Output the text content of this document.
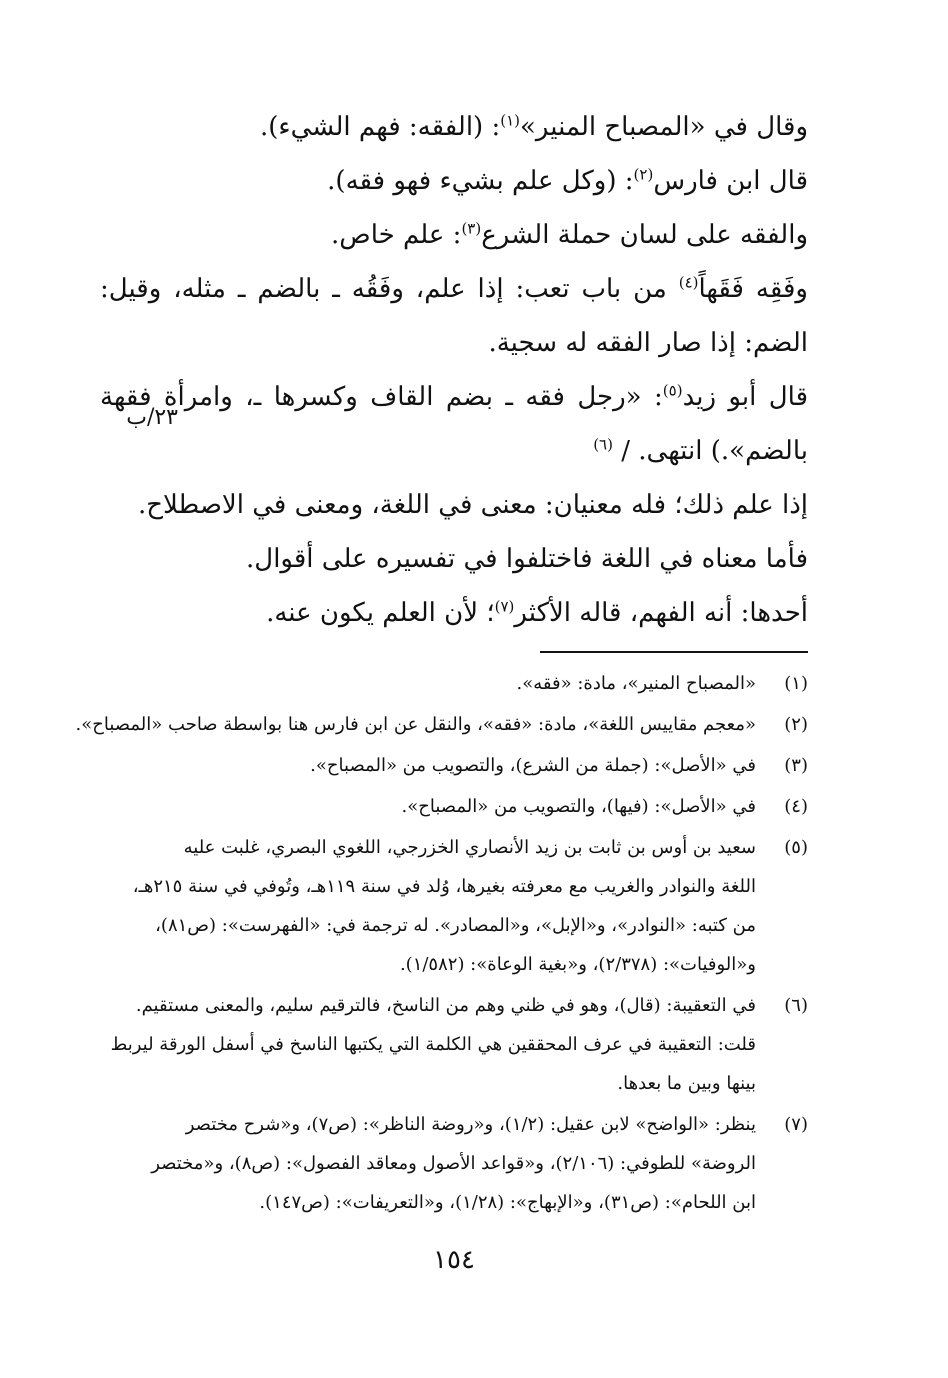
وقال في «المصباح المنير»$^{(١)}$: (الفقه: فهم الشيء).
قال ابن فارس$^{(٢)}$: (وكل علم بشيء فهو فقه).
والفقه على لسان حملة الشرع$^{(٣)}$: علم خاص.
وفَقِه فَقَهاً$^{(٤)}$ من باب تعب: إذا علم، وفَقُه ـ بالضم ـ مثله، وقيل:
الضم: إذا صار الفقه له سجية.
قال أبو زيد$^{(٥)}$: «رجل فقه ـ بضم القاف وكسرها ـ، وامرأة فقهة
بالضم».) انتهى. / $^{(٦)}$
إذا علم ذلك؛ فله معنيان: معنى في اللغة، ومعنى في الاصطلاح.
فأما معناه في اللغة فاختلفوا في تفسيره على أقوال.
أحدها: أنه الفهم، قاله الأكثر$^{(٧)}$؛ لأن العلم يكون عنه.
٢٣/ب
(١)
«المصباح المنير»، مادة: «فقه».
(٢)
«معجم مقاييس اللغة»، مادة: «فقه»، والنقل عن ابن فارس هنا بواسطة صاحب «المصباح».
(٣)
في «الأصل»: (جملة من الشرع)، والتصويب من «المصباح».
(٤)
في «الأصل»: (فيها)، والتصويب من «المصباح».
(٥)
سعيد بن أوس بن ثابت بن زيد الأنصاري الخزرجي، اللغوي البصري، غلبت عليه
اللغة والنوادر والغريب مع معرفته بغيرها، وُلد في سنة ١١٩هـ، وتُوفي في سنة ٢١٥هـ،
من كتبه: «النوادر»، و«الإبل»، و«المصادر». له ترجمة في: «الفهرست»: (ص٨١)،
و«الوفيات»: (٢/٣٧٨)، و«بغية الوعاة»: (١/٥٨٢).
(٦)
في التعقيبة: (قال)، وهو في ظني وهم من الناسخ، فالترقيم سليم، والمعنى مستقيم.
قلت: التعقيبة في عرف المحققين هي الكلمة التي يكتبها الناسخ في أسفل الورقة ليربط
بينها وبين ما بعدها.
(٧)
ينظر: «الواضح» لابن عقيل: (١/٢)، و«روضة الناظر»: (ص٧)، و«شرح مختصر
الروضة» للطوفي: (٢/١٠٦)، و«قواعد الأصول ومعاقد الفصول»: (ص٨)، و«مختصر
ابن اللحام»: (ص٣١)، و«الإبهاج»: (١/٢٨)، و«التعريفات»: (ص١٤٧).
١٥٤
